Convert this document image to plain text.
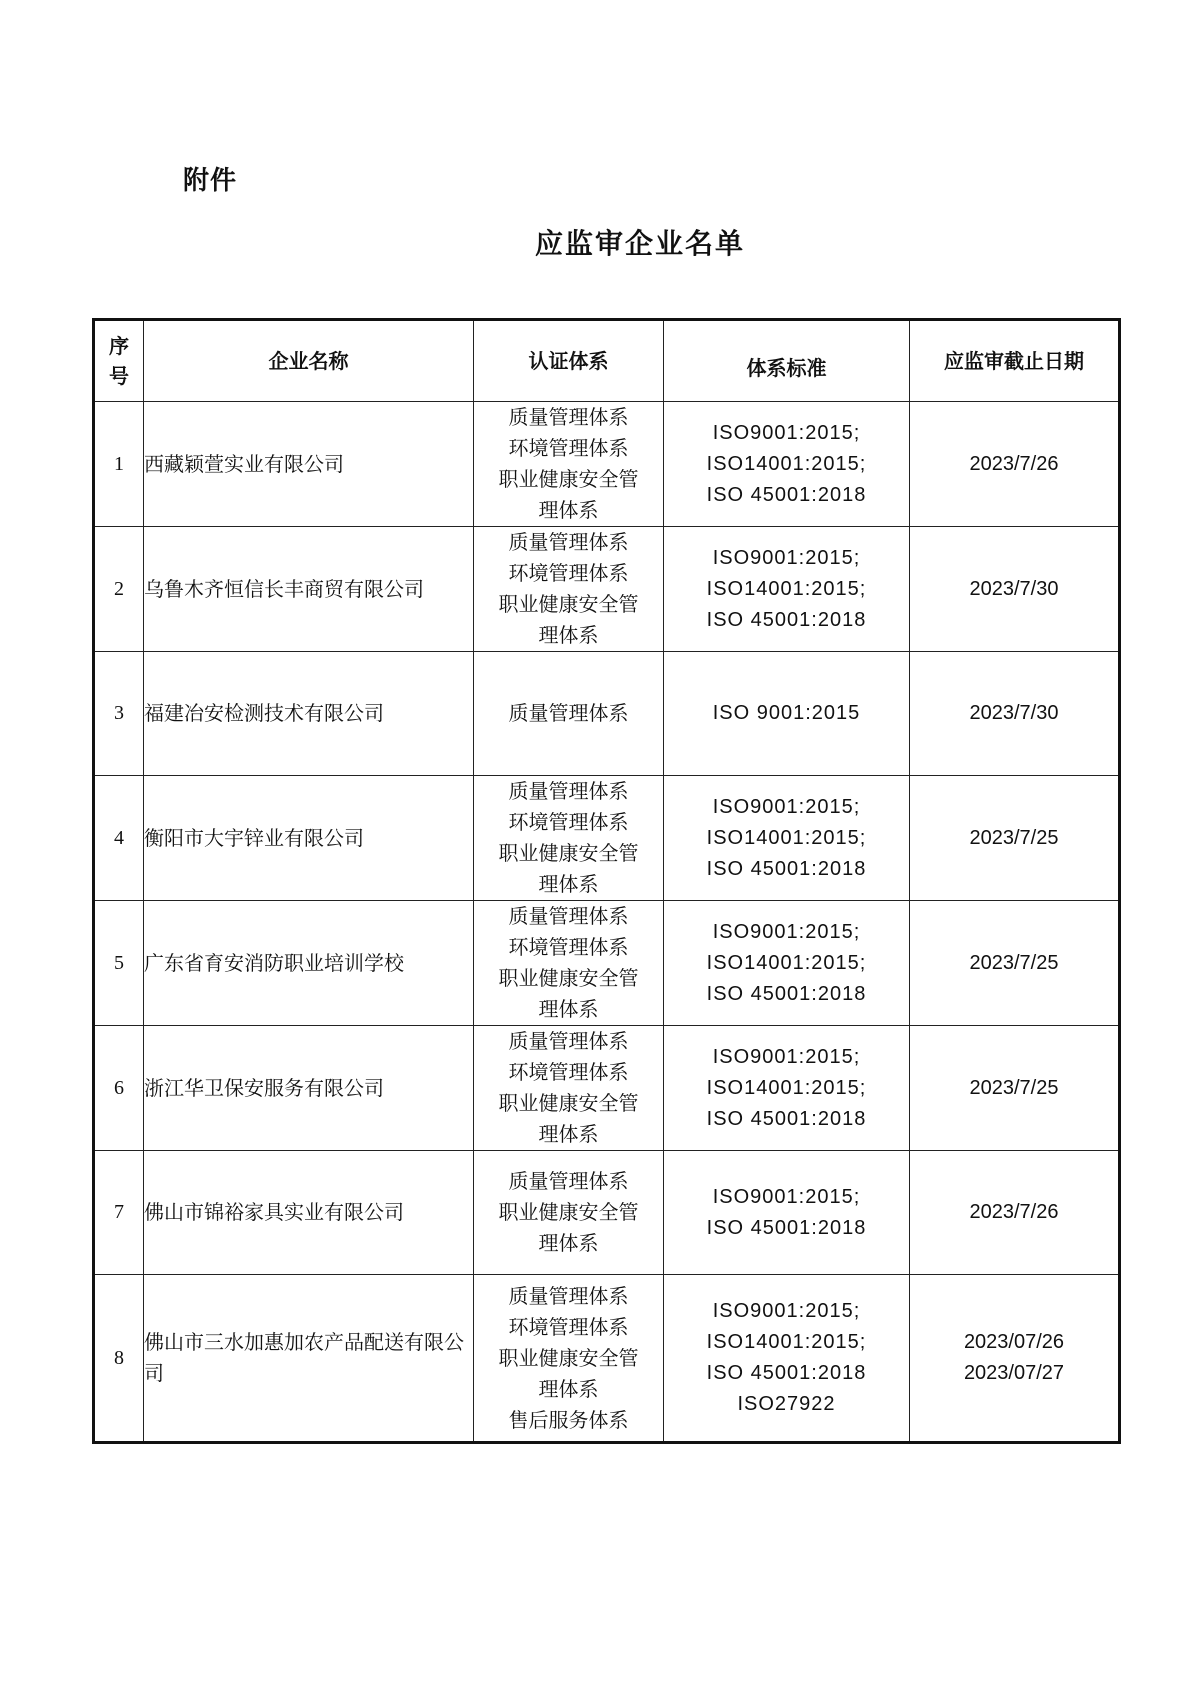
附件
应监审企业名单
序
号	企业名称	认证体系	体系标准	应监审截止日期
1	西藏颖萱实业有限公司	质量管理体系
环境管理体系
职业健康安全管
理体系	ISO9001:2015;
ISO14001:2015;
ISO 45001:2018	2023/7/26

2	乌鲁木齐恒信长丰商贸有限公司	质量管理体系
环境管理体系
职业健康安全管
理体系	ISO9001:2015;
ISO14001:2015;
ISO 45001:2018	2023/7/30

3	福建冶安检测技术有限公司	质量管理体系	ISO 9001:2015	2023/7/30

4	衡阳市大宇锌业有限公司	质量管理体系
环境管理体系
职业健康安全管
理体系	ISO9001:2015;
ISO14001:2015;
ISO 45001:2018	2023/7/25

5	广东省育安消防职业培训学校	质量管理体系
环境管理体系
职业健康安全管
理体系	ISO9001:2015;
ISO14001:2015;
ISO 45001:2018	2023/7/25

6	浙江华卫保安服务有限公司	质量管理体系
环境管理体系
职业健康安全管
理体系	ISO9001:2015;
ISO14001:2015;
ISO 45001:2018	2023/7/25

7	佛山市锦裕家具实业有限公司	质量管理体系
职业健康安全管
理体系	ISO9001:2015;
ISO 45001:2018	2023/7/26

8	佛山市三水加惠加农产品配送有限公司	质量管理体系
环境管理体系
职业健康安全管
理体系
售后服务体系	ISO9001:2015;
ISO14001:2015;
ISO 45001:2018
ISO27922	2023/07/26
2023/07/27
